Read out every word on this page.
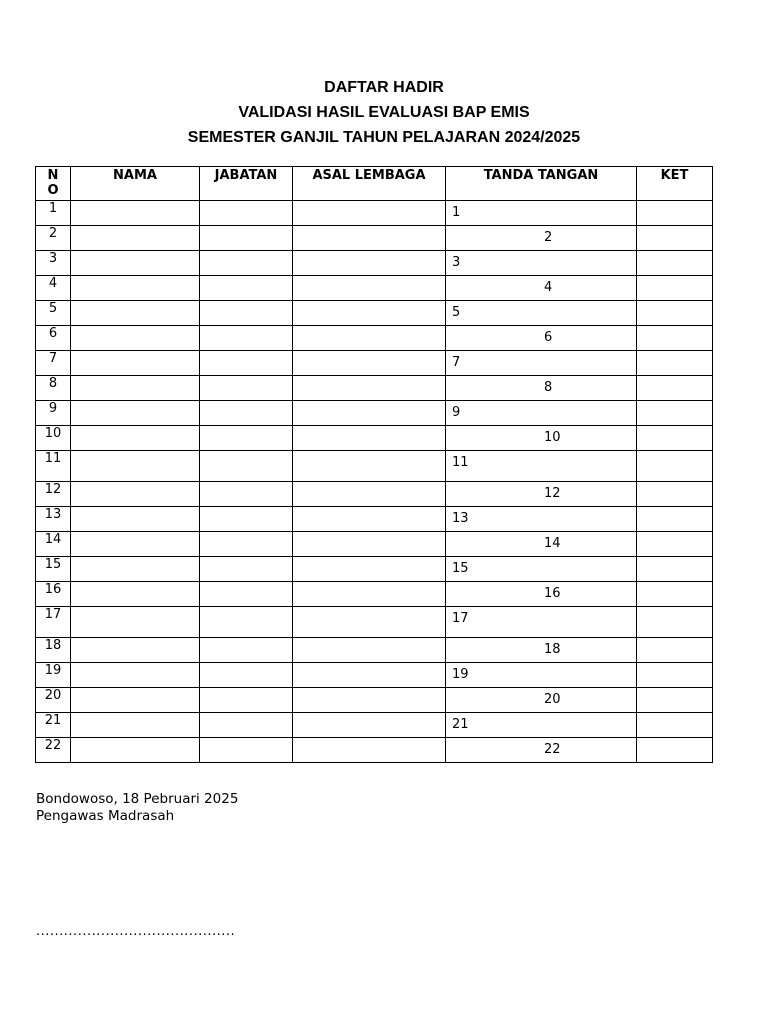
DAFTAR HADIR
VALIDASI HASIL EVALUASI BAP EMIS
SEMESTER GANJIL TAHUN PELAJARAN 2024/2025
N
O	NAMA	JABATAN	ASAL LEMBAGA	TANDA TANGAN	KET
1				1	

2				2	

3				3	

4				4	

5				5	

6				6	

7				7	

8				8	

9				9	

10				10	

11				11	

12				12	

13				13	

14				14	

15				15	

16				16	

17				17	

18				18	

19				19	

20				20	

21				21	

22				22	

Bondowoso, 18 Pebruari 2025
Pengawas Madrasah
...........................................
